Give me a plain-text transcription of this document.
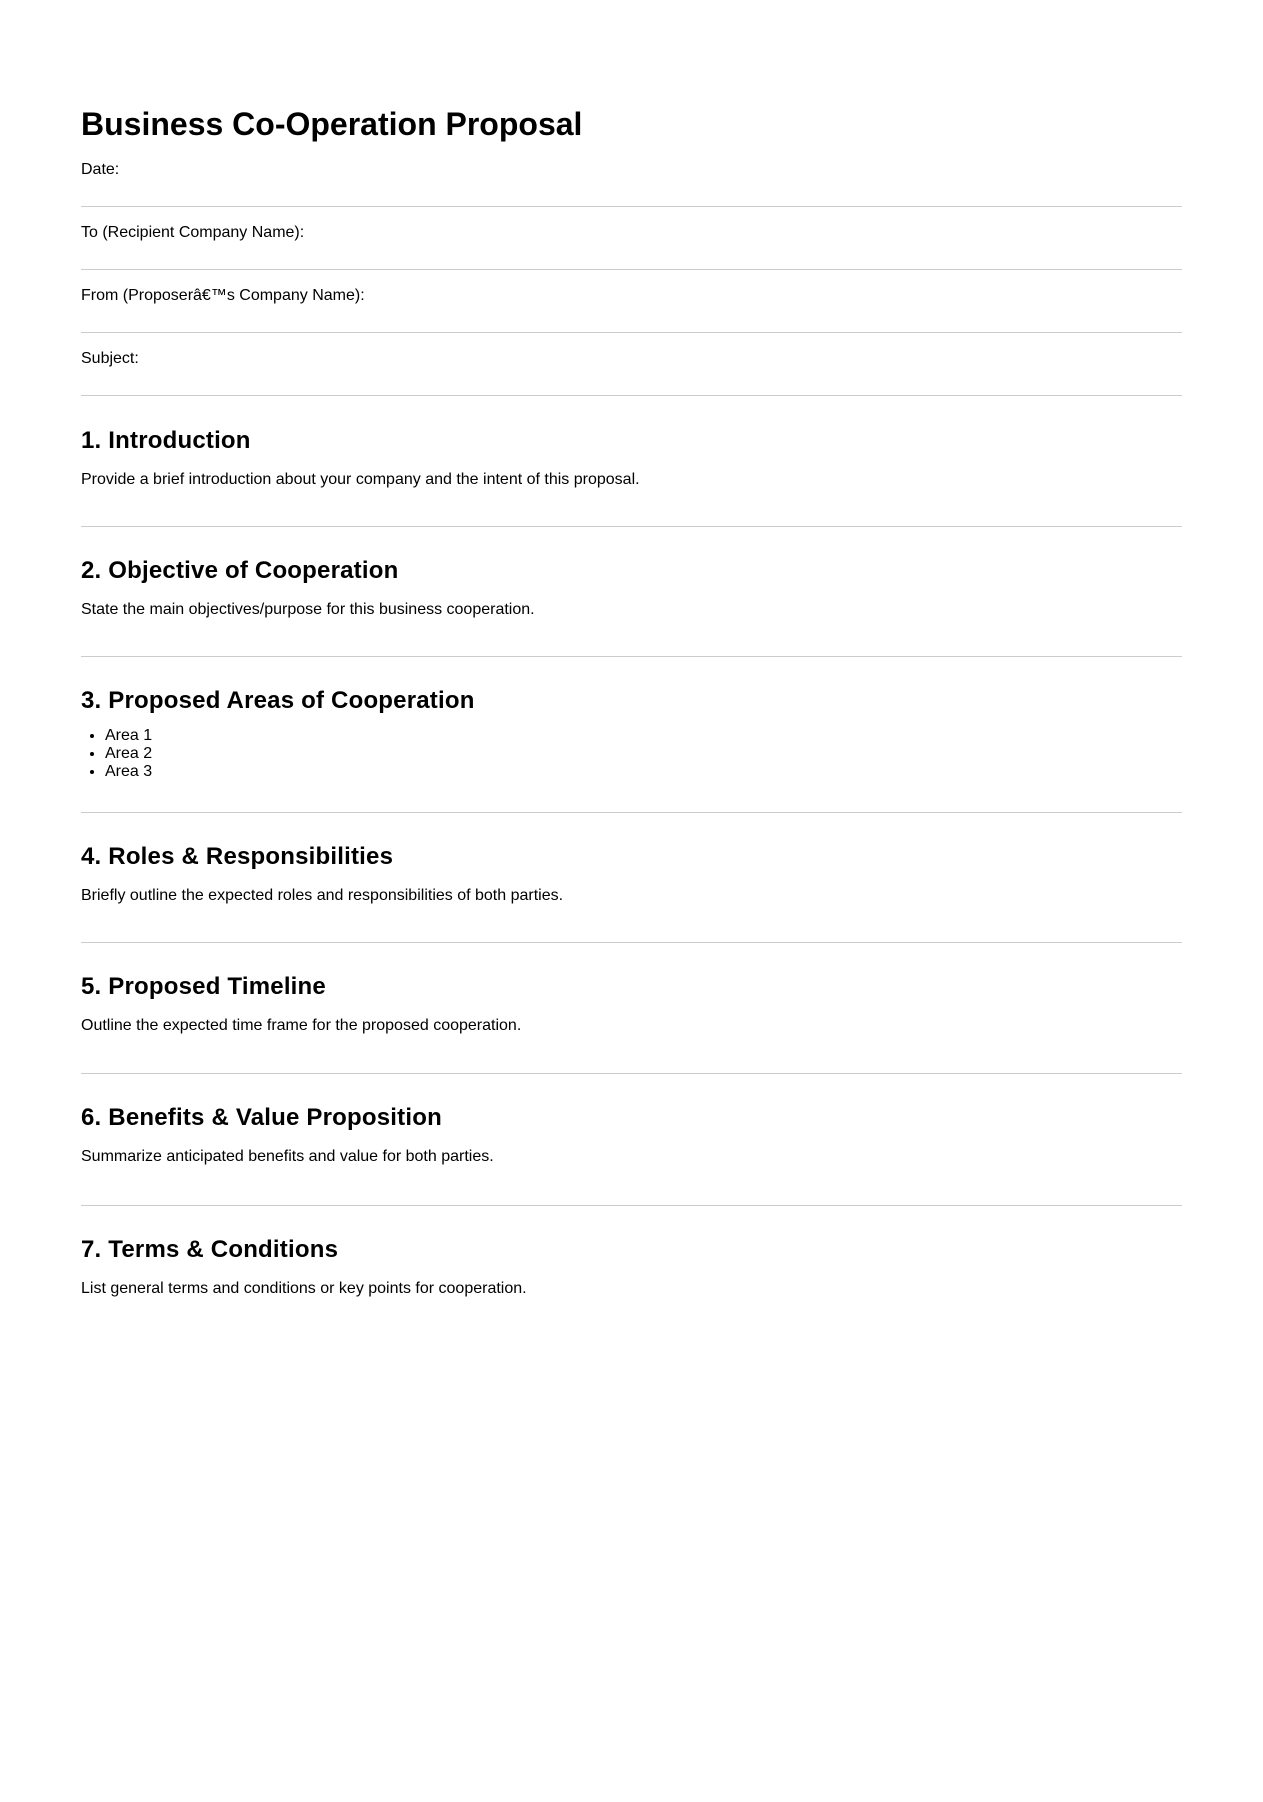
Business Co-Operation Proposal
Date:
To (Recipient Company Name):
From (Proposerâ€™s Company Name):
Subject:
1. Introduction

Provide a brief introduction about your company and the intent of this proposal.

2. Objective of Cooperation

State the main objectives/purpose for this business cooperation.

3. Proposed Areas of Cooperation
• Area 1
• Area 2
• Area 3
4. Roles & Responsibilities

Briefly outline the expected roles and responsibilities of both parties.

5. Proposed Timeline

Outline the expected time frame for the proposed cooperation.

6. Benefits & Value Proposition

Summarize anticipated benefits and value for both parties.

7. Terms & Conditions

List general terms and conditions or key points for cooperation.
